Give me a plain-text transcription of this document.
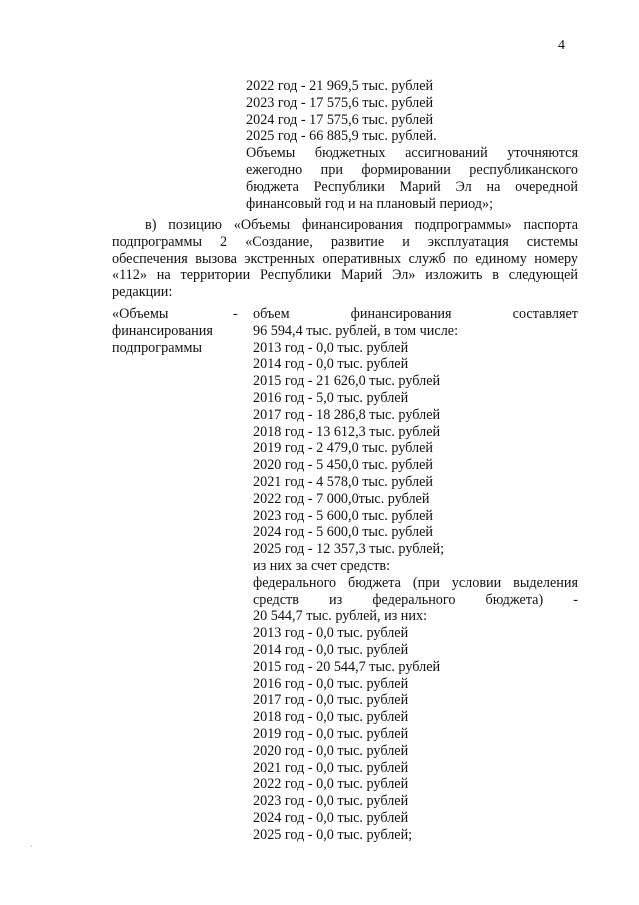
4
2022 год - 21 969,5 тыс. рублей
2023 год - 17 575,6 тыс. рублей
2024 год - 17 575,6 тыс. рублей
2025 год - 66 885,9 тыс. рублей.
Объемы бюджетных ассигнований уточняются
ежегодно при формировании республиканского
бюджета Республики Марий Эл на очередной
финансовый год и на плановый период»;
в) позицию «Объемы финансирования подпрограммы» паспорта
подпрограммы 2 «Создание, развитие и эксплуатация системы
обеспечения вызова экстренных оперативных служб по единому номеру
«112» на территории Республики Марий Эл» изложить в следующей
редакции:
«Объемы
финансирования
подпрограммы
- объем финансирования составляет
96 594,4 тыс. рублей, в том числе:
2013 год - 0,0 тыс. рублей
2014 год - 0,0 тыс. рублей
2015 год - 21 626,0 тыс. рублей
2016 год - 5,0 тыс. рублей
2017 год - 18 286,8 тыс. рублей
2018 год - 13 612,3 тыс. рублей
2019 год - 2 479,0 тыс. рублей
2020 год - 5 450,0 тыс. рублей
2021 год - 4 578,0 тыс. рублей
2022 год - 7 000,0тыс. рублей
2023 год - 5 600,0 тыс. рублей
2024 год - 5 600,0 тыс. рублей
2025 год - 12 357,3 тыс. рублей;
из них за счет средств:
федерального бюджета (при условии выделения
средств из федерального бюджета) -
20 544,7 тыс. рублей, из них:
2013 год - 0,0 тыс. рублей
2014 год - 0,0 тыс. рублей
2015 год - 20 544,7 тыс. рублей
2016 год - 0,0 тыс. рублей
2017 год - 0,0 тыс. рублей
2018 год - 0,0 тыс. рублей
2019 год - 0,0 тыс. рублей
2020 год - 0,0 тыс. рублей
2021 год - 0,0 тыс. рублей
2022 год - 0,0 тыс. рублей
2023 год - 0,0 тыс. рублей
2024 год - 0,0 тыс. рублей
2025 год - 0,0 тыс. рублей;
